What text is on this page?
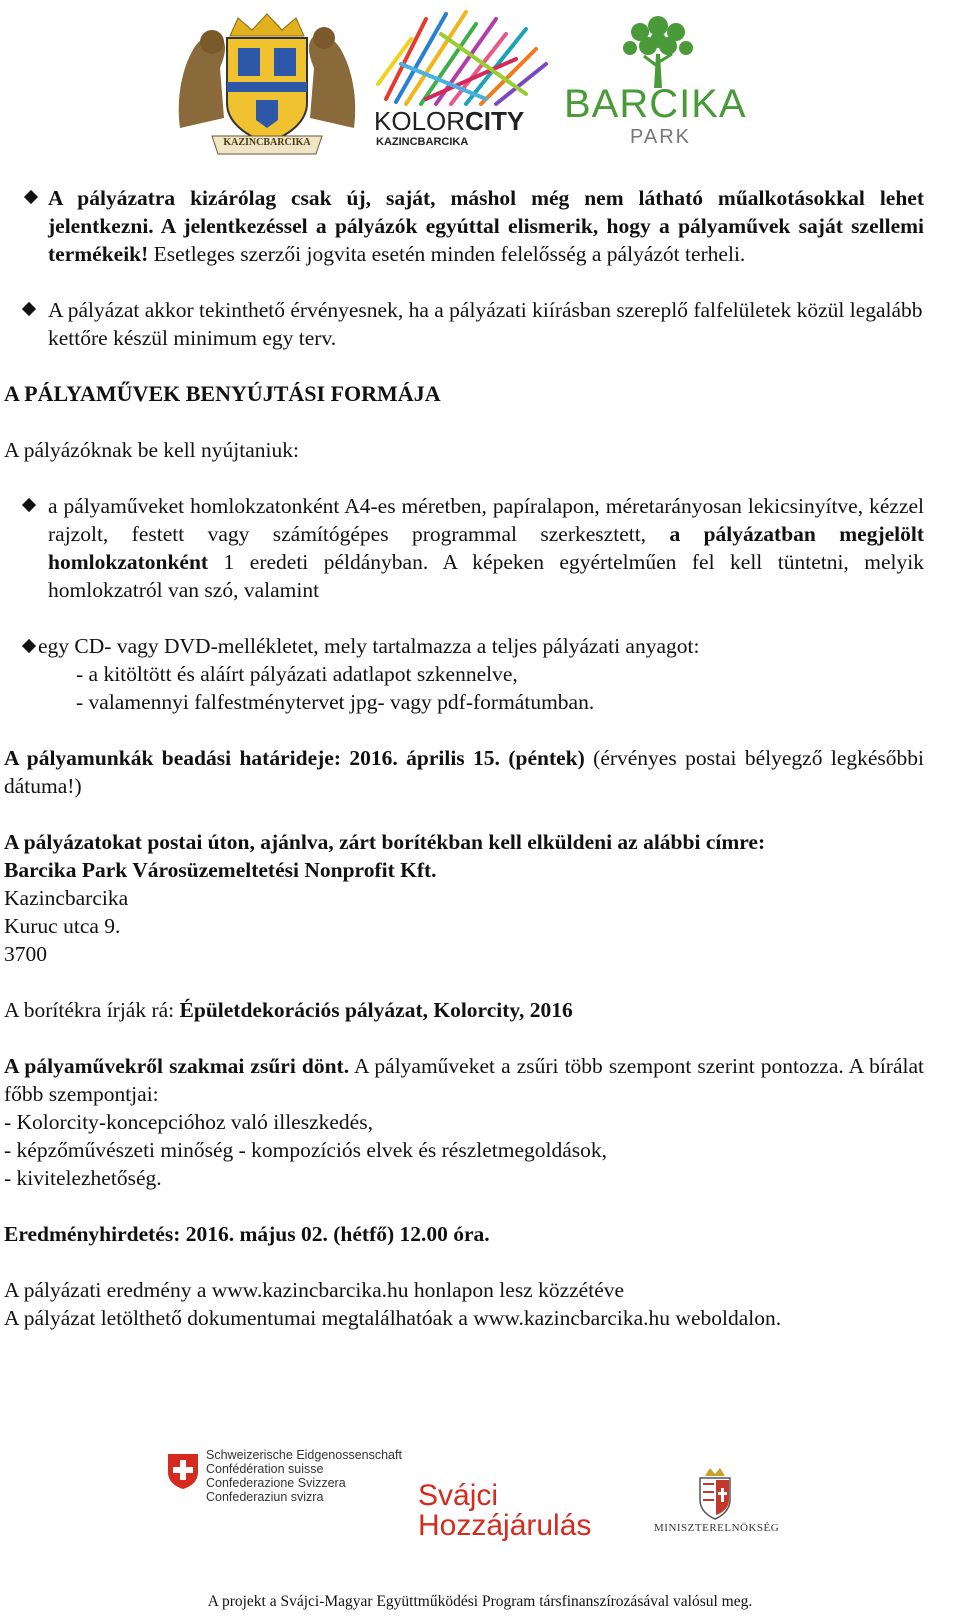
KAZINCBARCIKA
KOLORCITY
KAZINCBARCIKA
BARCIKA
PARK

A pályázatra kizárólag csak új, saját, máshol még nem látható műalkotásokkal lehet jelentkezni. A jelentkezéssel a pályázók egyúttal elismerik, hogy a pályaművek saját szellemi termékeik! Esetleges szerzői jogvita esetén minden felelősség a pályázót terheli.

A pályázat akkor tekinthető érvényesnek, ha a pályázati kiírásban szereplő falfelületek közül legalább kettőre készül minimum egy terv.

A PÁLYAMŰVEK BENYÚJTÁSI FORMÁJA

A pályázóknak be kell nyújtaniuk:

a pályaműveket homlokzatonként A4-es méretben, papíralapon, méretarányosan lekicsinyítve, kézzel rajzolt, festett vagy számítógépes programmal szerkesztett, a pályázatban megjelölt homlokzatonként 1 eredeti példányban. A képeken egyértelműen fel kell tüntetni, melyik homlokzatról van szó, valamint

egy CD- vagy DVD-mellékletet, mely tartalmazza a teljes pályázati anyagot:

- a kitöltött és aláírt pályázati adatlapot szkennelve,

- valamennyi falfestménytervet jpg- vagy pdf-formátumban.

A pályamunkák beadási határideje: 2016. április 15. (péntek) (érvényes postai bélyegző legkésőbbi dátuma!)

A pályázatokat postai úton, ajánlva, zárt borítékban kell elküldeni az alábbi címre:

Barcika Park Városüzemeltetési Nonprofit Kft.

Kazincbarcika

Kuruc utca 9.

3700

A borítékra írják rá: Épületdekorációs pályázat, Kolorcity, 2016

A pályaművekről szakmai zsűri dönt. A pályaműveket a zsűri több szempont szerint pontozza. A bírálat főbb szempontjai:

- Kolorcity-koncepcióhoz való illeszkedés,

- képzőművészeti minőség - kompozíciós elvek és részletmegoldások,

- kivitelezhetőség.

Eredményhirdetés: 2016. május 02. (hétfő) 12.00 óra.

A pályázati eredmény a www.kazincbarcika.hu honlapon lesz közzétéve

A pályázat letölthető dokumentumai megtalálhatóak a www.kazincbarcika.hu weboldalon.

Schweizerische Eidgenossenschaft
Confédération suisse
Confederazione Svizzera
Confederaziun svizra	Svájci
Hozzájárulás	MINISZTERELNÖKSÉG
A projekt a Svájci-Magyar Együttműködési Program társfinanszírozásával valósul meg.
